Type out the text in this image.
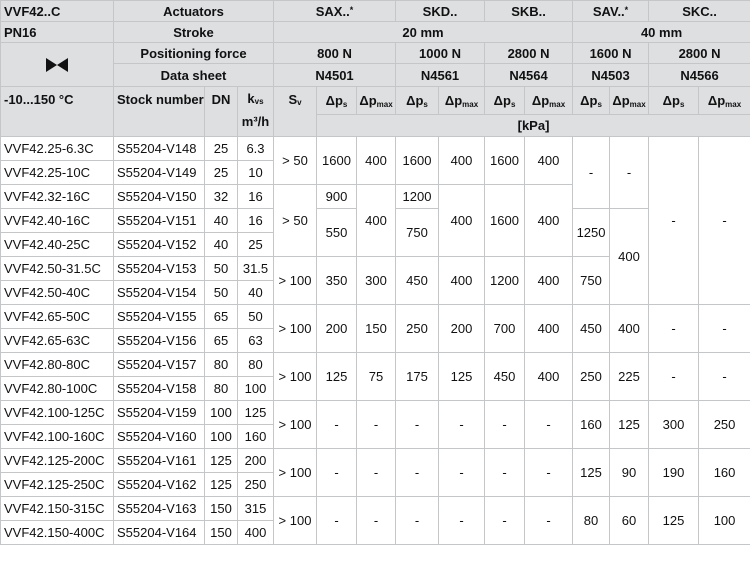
VVF42..C	Actuators			SAX..*			SKD..		SKB..		SAV..*		SKC..	
PN16	Stroke			20 mm							40 mm			
	Positioning force			800 N			1000 N		2800 N		1600 N		2800 N	
	Data sheet			N4501			N4561		N4564		N4503		N4566	
-10...150 °C	Stock number	DN	kvs
m³/h	Sv	Δps	Δpmax	Δps	Δpmax	Δps	Δpmax	Δps	Δpmax	Δps	Δpmax
					[kPa]									
VVF42.25-6.3C	S55204-V148	25	6.3	> 50	1600	400	1600	400	1600	400	-	-	-	-
VVF42.25-10C	S55204-V149	25	10											
VVF42.32-16C	S55204-V150	32	16	> 50	900	400	1200	400	1600	400				
VVF42.40-16C	S55204-V151	40	16		550		750				1250	400		
VVF42.40-25C	S55204-V152	40	25											
VVF42.50-31.5C	S55204-V153	50	31.5	> 100	350	300	450	400	1200	400	750			
VVF42.50-40C	S55204-V154	50	40											
VVF42.65-50C	S55204-V155	65	50	> 100	200	150	250	200	700	400	450	400	-	-
VVF42.65-63C	S55204-V156	65	63											
VVF42.80-80C	S55204-V157	80	80	> 100	125	75	175	125	450	400	250	225	-	-
VVF42.80-100C	S55204-V158	80	100											
VVF42.100-125C	S55204-V159	100	125	> 100	-	-	-	-	-	-	160	125	300	250
VVF42.100-160C	S55204-V160	100	160											
VVF42.125-200C	S55204-V161	125	200	> 100	-	-	-	-	-	-	125	90	190	160
VVF42.125-250C	S55204-V162	125	250											
VVF42.150-315C	S55204-V163	150	315	> 100	-	-	-	-	-	-	80	60	125	100
VVF42.150-400C	S55204-V164	150	400											
